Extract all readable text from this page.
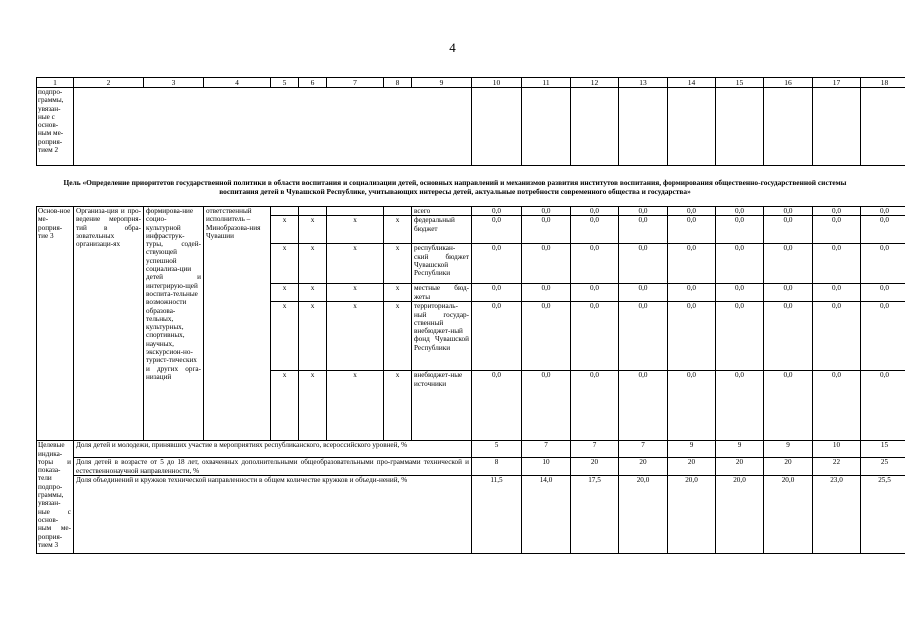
4
1	2	3	4	5	6	7	8	9	10	11	12	13	14	15	16	17	18
подпро-граммы, увязан-ные с основ-ным ме-роприя-тием 2																	
Цель «Определение приоритетов государственной политики в области воспитания и социализации детей, основных направлений и механизмов развития институтов воспитания, формирования общественно-государственной системы воспитания детей в Чувашской Республике, учитывающих интересы детей, актуальные потребности современного общества и государства»
Основ-ное ме-роприя-тие 3	Организа-ция и про-ведение меропрня-тий в обра-зовательных организаци-ях	формирова-ние социо-культурной инфраструк-туры, содей-ствующей успешной социализа-ции детей и интегрирую-щей воспита-тельные возможности образова-тельных, культурных, спортивных, научных, экскурсион-но-турист-тических и других орга-низаций	ответственный исполнитель – Минобразова-ния Чувашии					всего	0,0	0,0	0,0	0,0	0,0	0,0	0,0	0,0	0,0
				х	х	х	х	федеральный бюджет	0,0	0,0	0,0	0,0	0,0	0,0	0,0	0,0	0,0
				х	х	х	х	республикан-ский бюджет Чувашской Республики	0,0	0,0	0,0	0,0	0,0	0,0	0,0	0,0	0,0
				х	х	х	х	местные бюд-жеты	0,0	0,0	0,0	0,0	0,0	0,0	0,0	0,0	0,0
				х	х	х	х	территориаль-ный государ-ственный внебюджет-ный фонд Чувашской Республики	0,0	0,0	0,0	0,0	0,0	0,0	0,0	0,0	0,0
				х	х	х	х	внебюджет-ные источники	0,0	0,0	0,0	0,0	0,0	0,0	0,0	0,0	0,0
Целевые индика-торы и показа-тели подпро-граммы, увязан-ные с основ-ным ме-роприя-тием 3	Доля детей и молодежи, принявших участие в мероприятиях республиканского, всероссийского уровней, %								5	7	7	7	9	9	9	10	15
	Доля детей в возрасте от 5 до 18 лет, охваченных дополнительными общеобразовательными про-граммами технической и естественнонаучной направленности, %								8	10	20	20	20	20	20	22	25
	Доля объединений и кружков технической направленности в общем количестве кружков и объеди-нений, %								11,5	14,0	17,5	20,0	20,0	20,0	20,0	23,0	25,5
